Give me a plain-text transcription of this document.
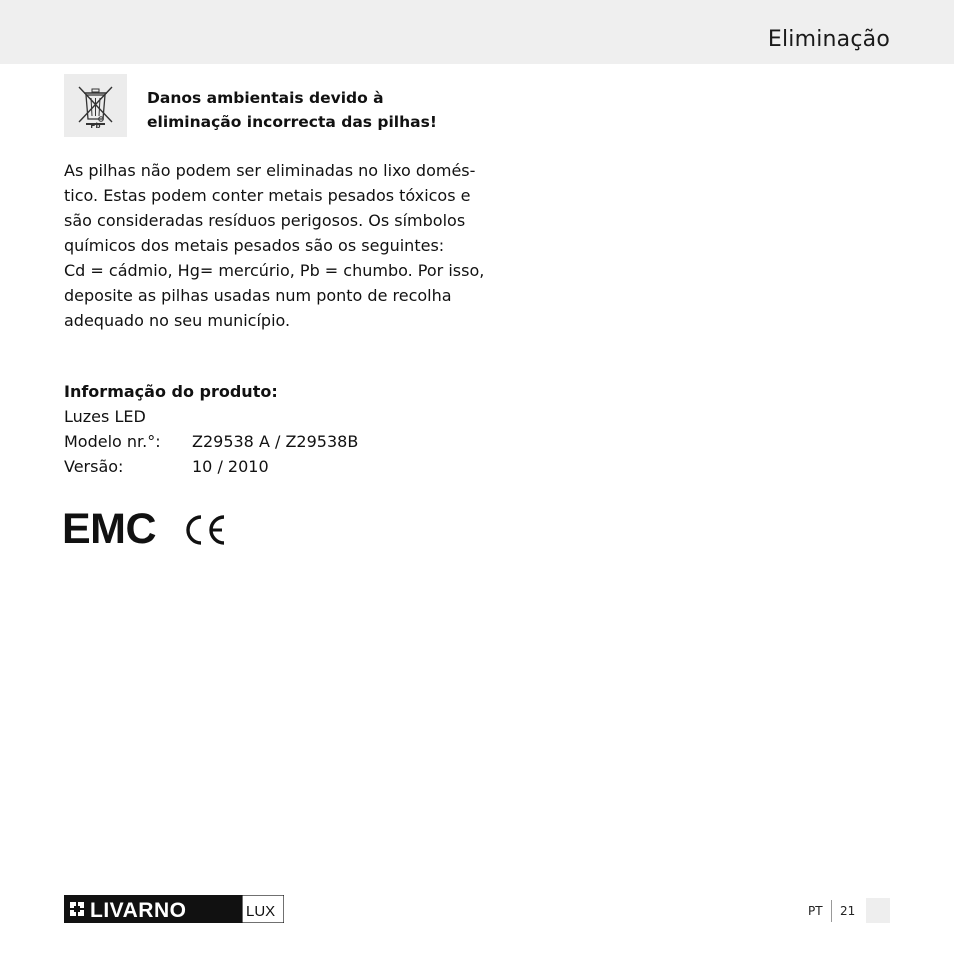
Eliminação
Pb
Danos ambientais devido à
eliminação incorrecta das pilhas!
As pilhas não podem ser eliminadas no lixo domés-
tico. Estas podem conter metais pesados tóxicos e
são consideradas resíduos perigosos. Os símbolos
químicos dos metais pesados são os seguintes:
Cd = cádmio, Hg= mercúrio, Pb = chumbo. Por isso,
deposite as pilhas usadas num ponto de recolha
adequado no seu município.
Informação do produto:
Luzes LED
Modelo nr.°: Z29538 A / Z29538B
Versão:	10 / 2010
EMC
LIVARNO	LUX	PT 21
